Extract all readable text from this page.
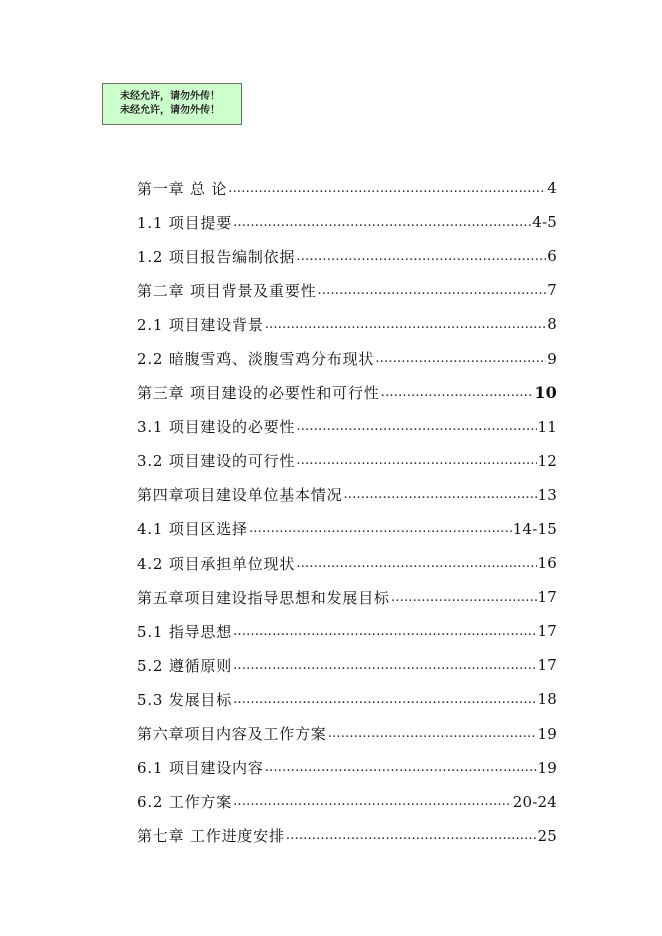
未经允许，请勿外传！
未经允许，请勿外传！
第一章 总 论 …………………………………………………………………………………………………………	4
1.1 项目提要 …………………………………………………………………………………………………………	4-5
1.2 项目报告编制依据 …………………………………………………………………………………………………………	6
第二章 项目背景及重要性 …………………………………………………………………………………………………………	7
2.1 项目建设背景 …………………………………………………………………………………………………………	8
2.2 暗腹雪鸡、淡腹雪鸡分布现状 …………………………………………………………………………………………………………	9
第三章 项目建设的必要性和可行性 …………………………………………………………………………………………………………	10
3.1 项目建设的必要性 …………………………………………………………………………………………………………	11
3.2 项目建设的可行性 …………………………………………………………………………………………………………	12
第四章项目建设单位基本情况 …………………………………………………………………………………………………………	13
4.1 项目区选择 …………………………………………………………………………………………………………	14-15
4.2 项目承担单位现状 …………………………………………………………………………………………………………	16
第五章项目建设指导思想和发展目标 …………………………………………………………………………………………………………	17
5.1 指导思想 …………………………………………………………………………………………………………	17
5.2 遵循原则 …………………………………………………………………………………………………………	17
5.3 发展目标 …………………………………………………………………………………………………………	18
第六章项目内容及工作方案 …………………………………………………………………………………………………………	19
6.1 项目建设内容 …………………………………………………………………………………………………………	19
6.2 工作方案 …………………………………………………………………………………………………………	20-24
第七章 工作进度安排 …………………………………………………………………………………………………………	25
